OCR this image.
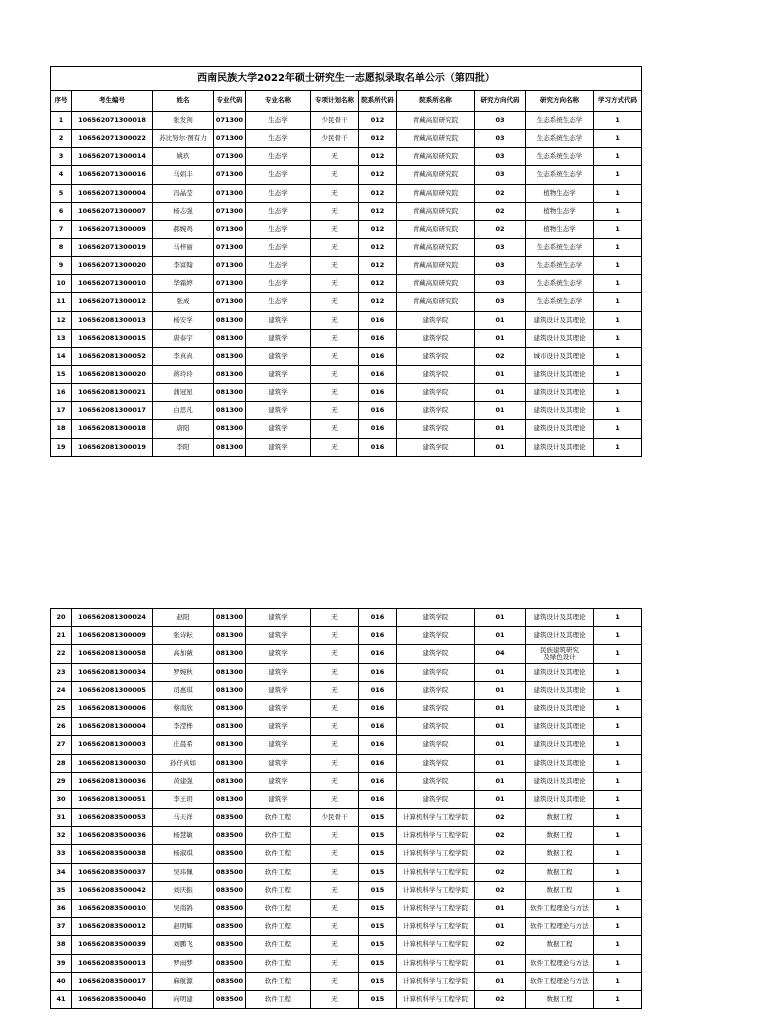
西南民族大学2022年硕士研究生一志愿拟录取名单公示（第四批）										
序号	考生编号	姓名	专业代码	专业名称	专项计划名称	院系所代码	院系所名称	研究方向代码	研究方向名称	学习方式代码
1	106562071300018	张发剑	071300	生态学	少民骨干	012	青藏高原研究院	03	生态系统生态学	1
2	106562071300022	苏比努尔·图有力	071300	生态学	少民骨干	012	青藏高原研究院	03	生态系统生态学	1
3	106562071300014	姚玖	071300	生态学	无	012	青藏高原研究院	03	生态系统生态学	1
4	106562071300016	马娟丰	071300	生态学	无	012	青藏高原研究院	03	生态系统生态学	1
5	106562071300004	冯晶莹	071300	生态学	无	012	青藏高原研究院	02	植物生态学	1
6	106562071300007	杨志强	071300	生态学	无	012	青藏高原研究院	02	植物生态学	1
7	106562071300009	郝婉鸡	071300	生态学	无	012	青藏高原研究院	02	植物生态学	1
8	106562071300019	马梓丽	071300	生态学	无	012	青藏高原研究院	03	生态系统生态学	1
9	106562071300020	李富翰	071300	生态学	无	012	青藏高原研究院	03	生态系统生态学	1
10	106562071300010	华霜婷	071300	生态学	无	012	青藏高原研究院	03	生态系统生态学	1
11	106562071300012	张成	071300	生态学	无	012	青藏高原研究院	03	生态系统生态学	1
12	106562081300013	杨安学	081300	建筑学	无	016	建筑学院	01	建筑设计及其理论	1
13	106562081300015	唐泰宇	081300	建筑学	无	016	建筑学院	01	建筑设计及其理论	1
14	106562081300052	李真真	081300	建筑学	无	016	建筑学院	02	城市设计及其理论	1
15	106562081300020	蒋玲玲	081300	建筑学	无	016	建筑学院	01	建筑设计及其理论	1
16	106562081300021	蒲冠星	081300	建筑学	无	016	建筑学院	01	建筑设计及其理论	1
17	106562081300017	白思凡	081300	建筑学	无	016	建筑学院	01	建筑设计及其理论	1
18	106562081300018	唐阳	081300	建筑学	无	016	建筑学院	01	建筑设计及其理论	1
19	106562081300019	李阳	081300	建筑学	无	016	建筑学院	01	建筑设计及其理论	1
20	106562081300024	赵阳	081300	建筑学	无	016	建筑学院	01	建筑设计及其理论	1
21	106562081300009	张诗耘	081300	建筑学	无	016	建筑学院	01	建筑设计及其理论	1
22	106562081300058	高加薇	081300	建筑学	无	016	建筑学院	04	民族建筑研究
及绿色设计	1
23	106562081300034	罗婉秋	081300	建筑学	无	016	建筑学院	01	建筑设计及其理论	1
24	106562081300005	司惠琪	081300	建筑学	无	016	建筑学院	01	建筑设计及其理论	1
25	106562081300006	蔡南欣	081300	建筑学	无	016	建筑学院	01	建筑设计及其理论	1
26	106562081300004	李滢桦	081300	建筑学	无	016	建筑学院	01	建筑设计及其理论	1
27	106562081300003	庄晨希	081300	建筑学	无	016	建筑学院	01	建筑设计及其理论	1
28	106562081300030	孙仔真如	081300	建筑学	无	016	建筑学院	01	建筑设计及其理论	1
29	106562081300036	黄建强	081300	建筑学	无	016	建筑学院	01	建筑设计及其理论	1
30	106562081300051	李王玥	081300	建筑学	无	016	建筑学院	01	建筑设计及其理论	1
31	106562083500053	马天祥	083500	软件工程	少民骨干	015	计算机科学与工程学院	02	数据工程	1
32	106562083500036	杨慧敏	083500	软件工程	无	015	计算机科学与工程学院	02	数据工程	1
33	106562083500038	杨淑琪	083500	软件工程	无	015	计算机科学与工程学院	02	数据工程	1
34	106562083500037	吴玮佩	083500	软件工程	无	015	计算机科学与工程学院	02	数据工程	1
35	106562083500042	刘庆振	083500	软件工程	无	015	计算机科学与工程学院	02	数据工程	1
36	106562083500010	吴南鸽	083500	软件工程	无	015	计算机科学与工程学院	01	软件工程理论与方法	1
37	106562083500012	赵明辉	083500	软件工程	无	015	计算机科学与工程学院	01	软件工程理论与方法	1
38	106562083500039	刘鹏飞	083500	软件工程	无	015	计算机科学与工程学院	02	数据工程	1
39	106562083500013	罗雨梦	083500	软件工程	无	015	计算机科学与工程学院	01	软件工程理论与方法	1
40	106562083500017	麻航源	083500	软件工程	无	015	计算机科学与工程学院	01	软件工程理论与方法	1
41	106562083500040	向明建	083500	软件工程	无	015	计算机科学与工程学院	02	数据工程	1
